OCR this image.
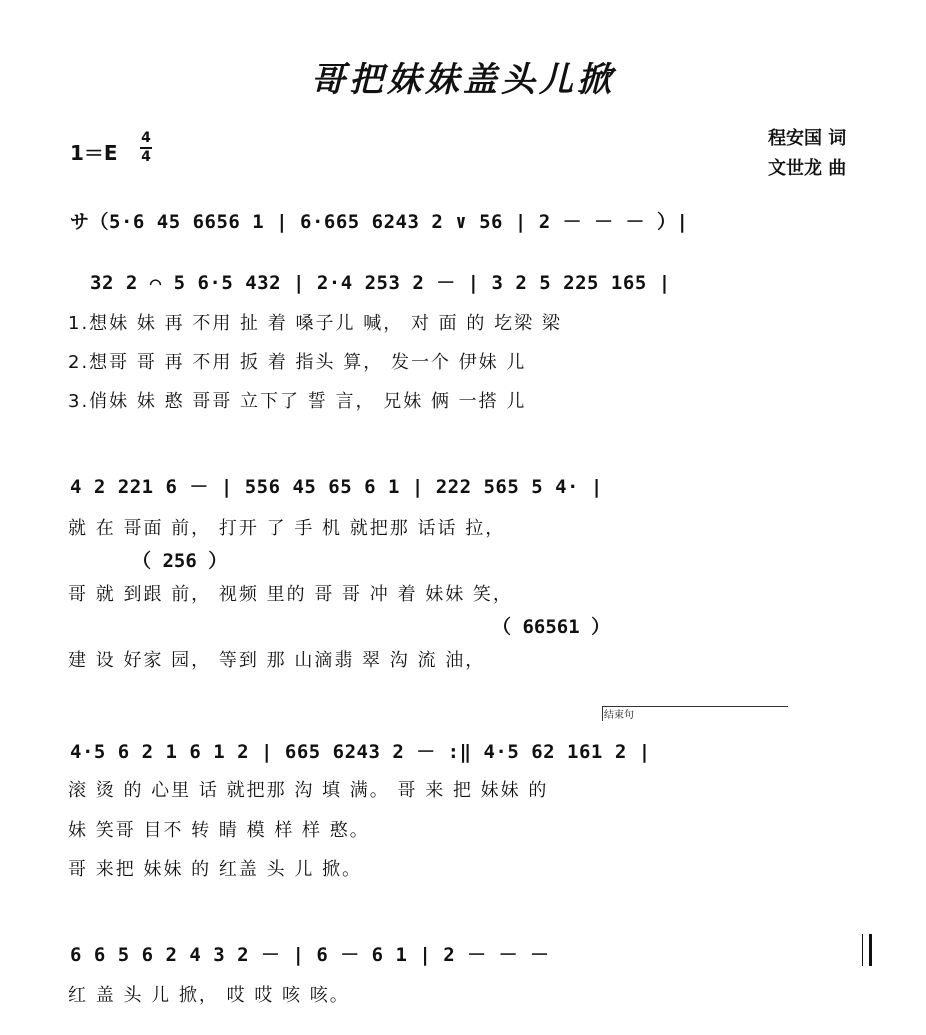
哥把妹妹盖头儿掀
程安国 词
文世龙 曲
1＝E
4
4
サ（5·6 45 6656 1 | 6·665 6243 2 ∨ 56 | 2 － － － ）|
32 2 ⌒ 5 6·5 432 | 2·4 253 2 － | 3 2 5 225 165 |
1.想妹 妹 再 不用 扯 着 嗓子儿 喊， 对 面 的 圪梁 梁
2.想哥 哥 再 不用 扳 着 指头 算， 发一个 伊妹 儿
3.俏妹 妹 憨 哥哥 立下了 誓 言， 兄妹 俩 一搭 儿
4 2 221 6 － | 556 45 65 6 1 | 222 565 5 4· |
就 在 哥面 前， 打开 了 手 机 就把那 话话 拉，
（ 256 ）
哥 就 到跟 前， 视频 里的 哥 哥 冲 着 妹妹 笑，
（ 66561 ）
建 设 好家 园， 等到 那 山滴翡 翠 沟 流 油，
结束句
4·5 6 2 1 6 1 2 | 665 6243 2 － :‖ 4·5 62 161 2 |
滚 烫 的 心里 话 就把那 沟 填 满。 哥 来 把 妹妹 的
妹 笑哥 目不 转 睛 模 样 样 憨。
哥 来把 妹妹 的 红盖 头 儿 掀。
6 6 5 6 2 4 3 2 － | 6 － 6 1 | 2 － － －
红 盖 头 儿 掀， 哎 哎 咳 咳。
